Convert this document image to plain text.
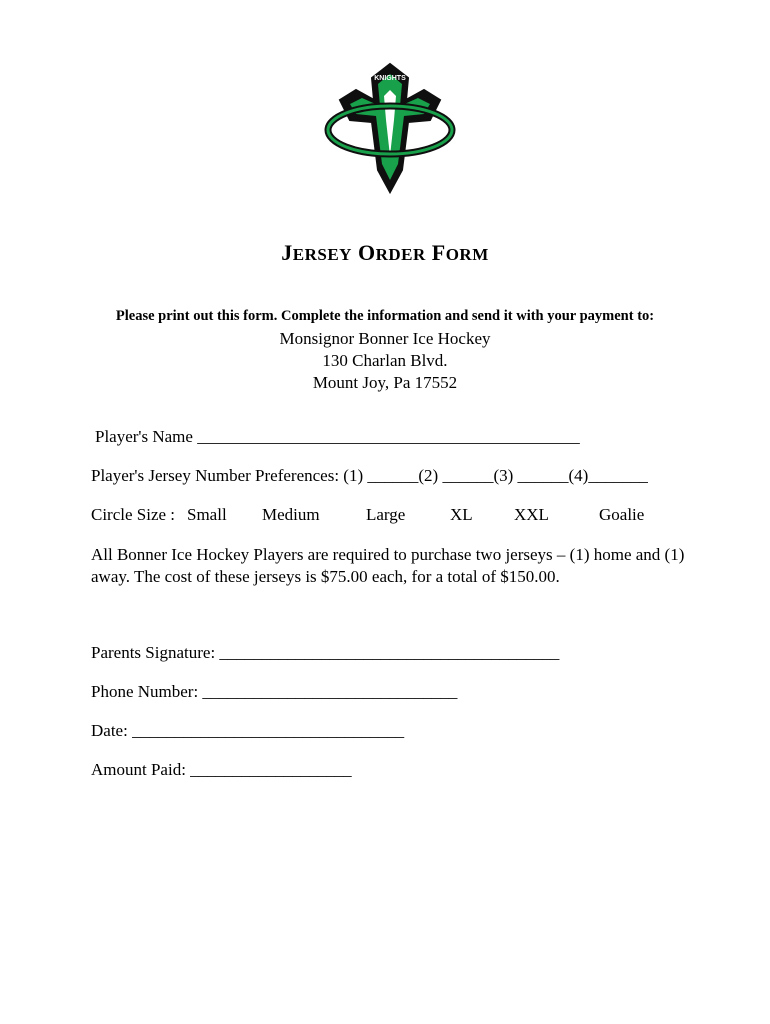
KNIGHTS
JERSEY ORDER FORM
Please print out this form. Complete the information and send it with your payment to:
Monsignor Bonner Ice Hockey
130 Charlan Blvd.
Mount Joy, Pa 17552
Player's Name _____________________________________________
Player's Jersey Number Preferences: (1) ______(2) ______(3) ______(4)_______
Circle Size : Small Medium	Large	XL XXL	Goalie
All Bonner Ice Hockey Players are required to purchase two jerseys – (1) home and (1) away. The cost of these jerseys is $75.00 each, for a total of $150.00.
Parents Signature: ________________________________________
Phone Number: ______________________________
Date: ________________________________
Amount Paid: ___________________
